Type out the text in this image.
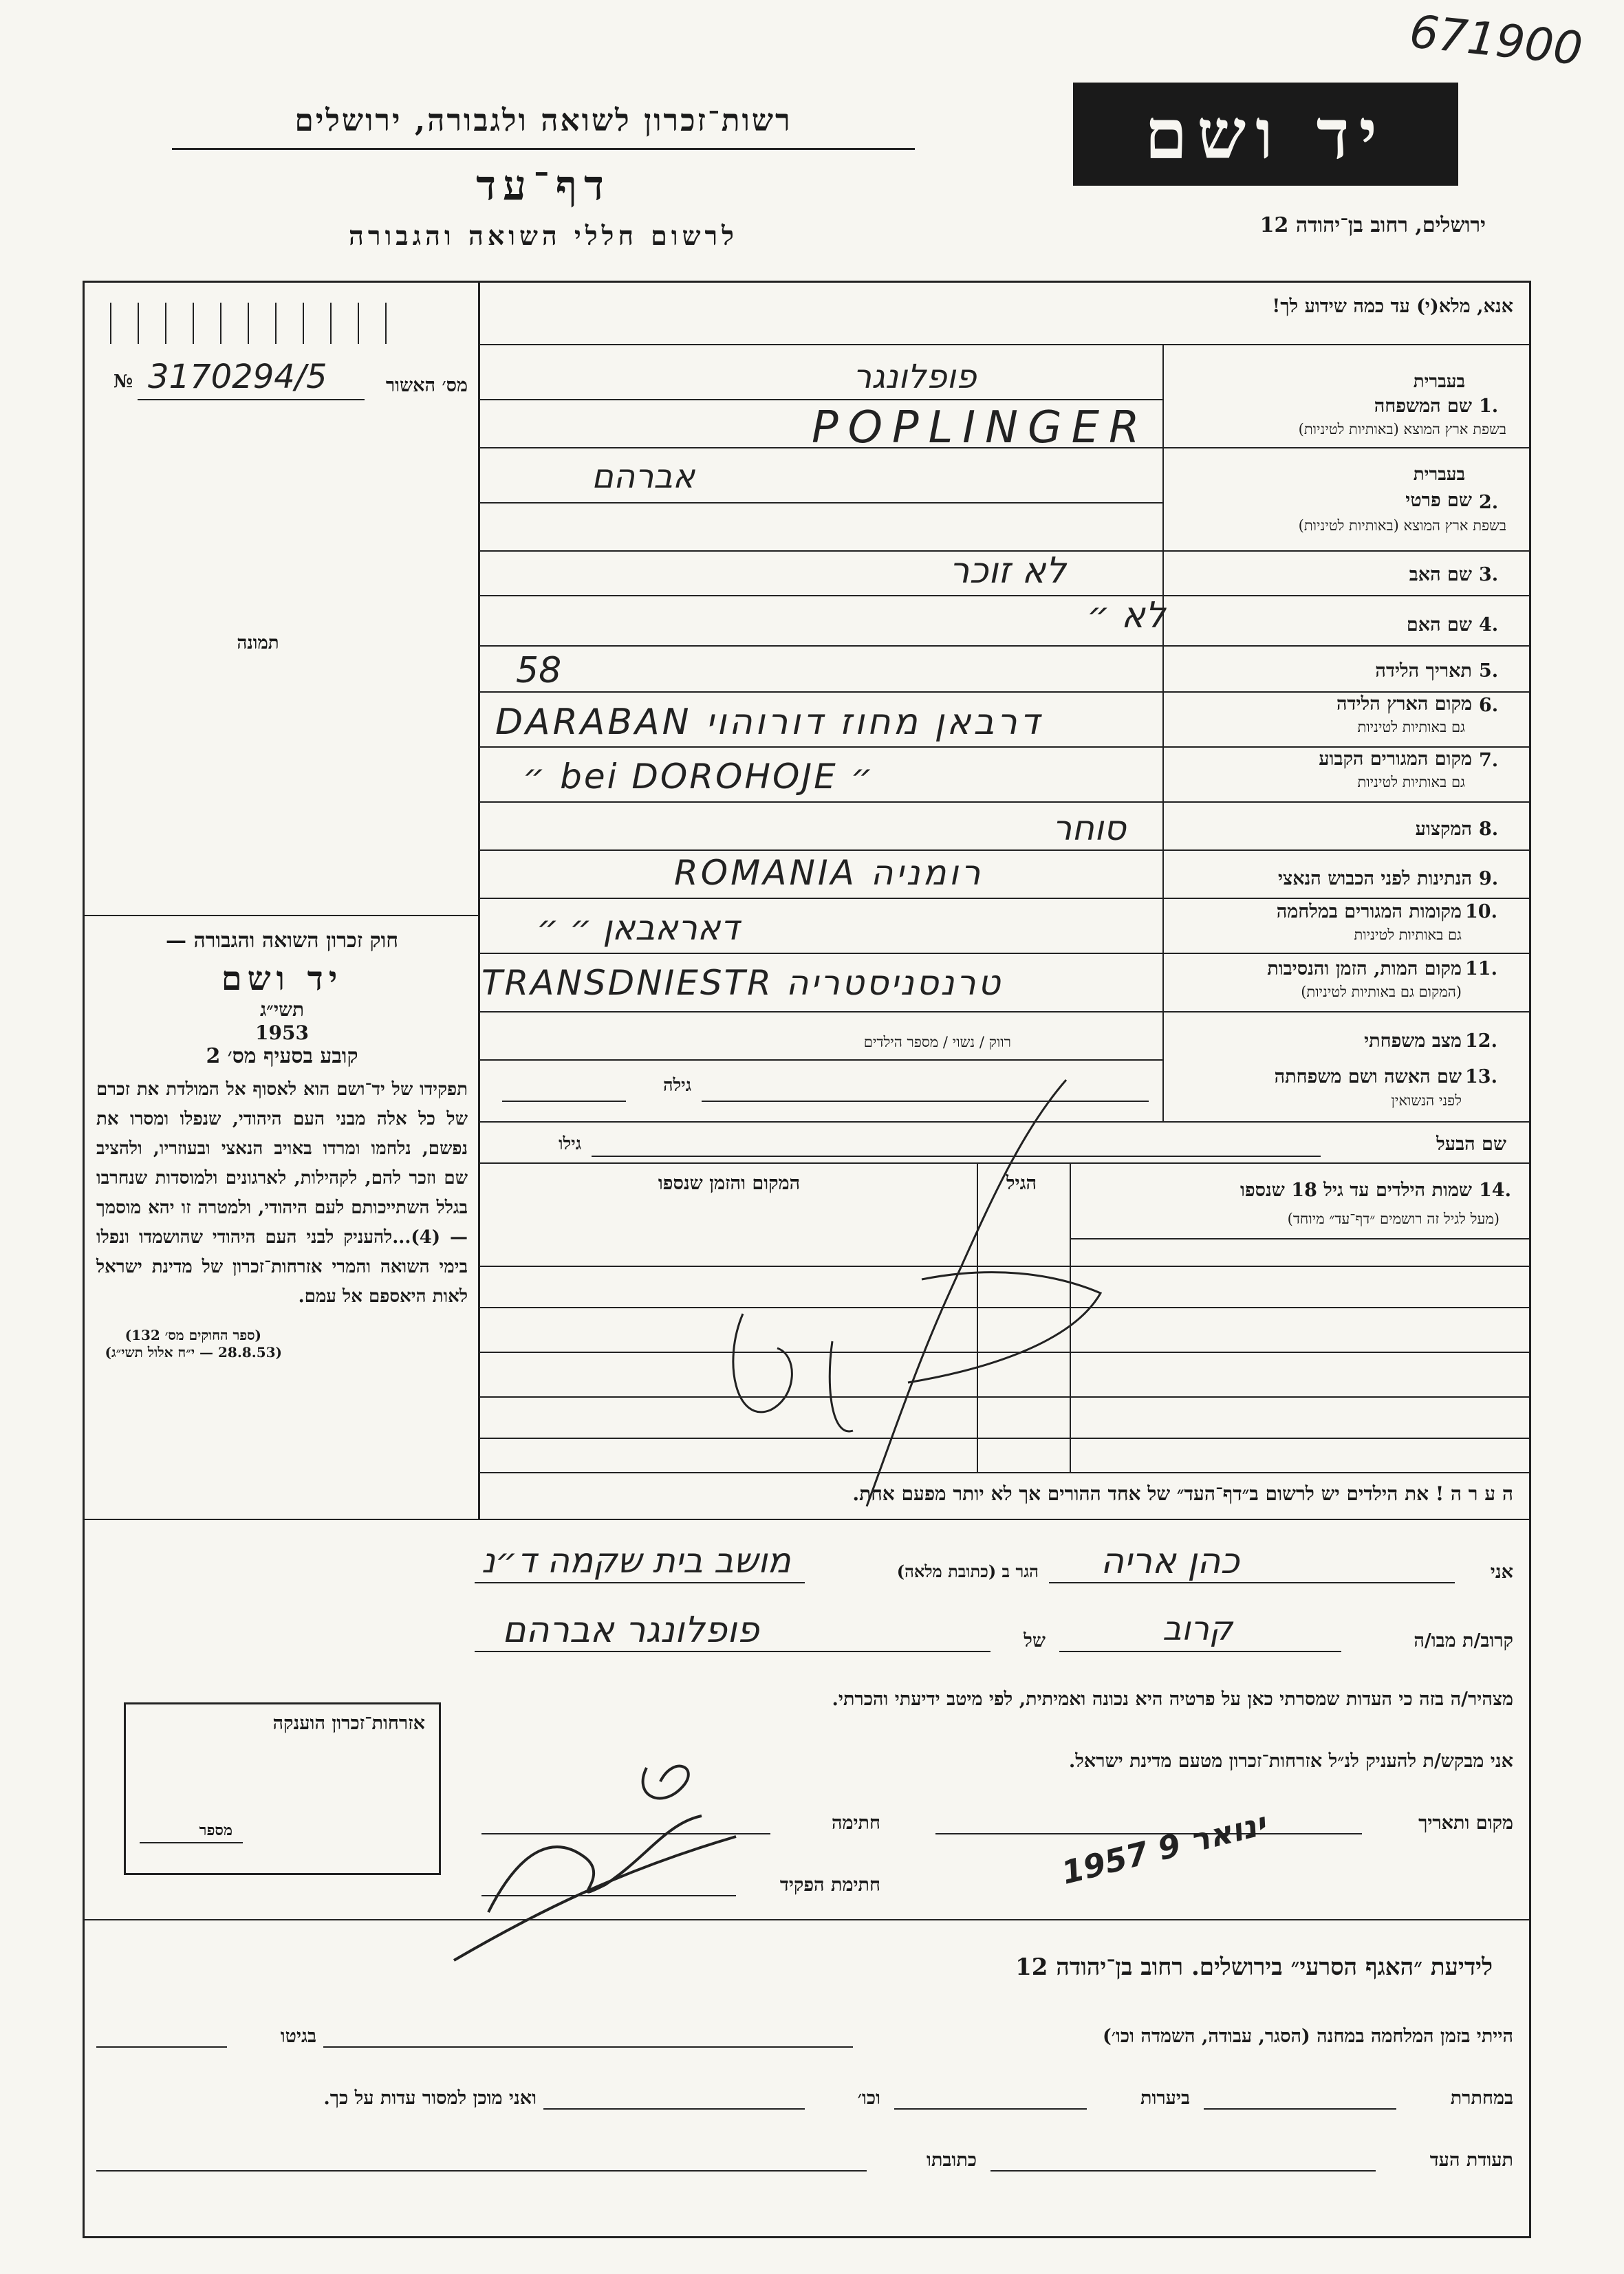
671900
רשות־זכרון לשואה ולגבורה, ירושלים
דף־עד
לרשום חללי השואה והגבורה
יד ושם
ירושלים, רחוב בן־יהודה 12
אנא, מלא(י) עד כמה שידוע לך!
№ 3170294/5	מס׳ האשור
תמונה
בעברית
1.
שם המשפחה
בשפת ארץ המוצא (באותיות לטיניות)
פופלונגר
POPLINGER
בעברית
2.
שם פרטי
בשפת ארץ המוצא (באותיות לטיניות)
אברהם
3.
שם האב
לא זוכר
4.
שם האם
לא ״
5.
תאריך הלידה
58
6.
מקום הארץ הלידה
גם באותיות לטיניות
DARABAN דרבאן מחוז דורוהוי
7.
מקום המגורים הקבוע
גם באותיות לטיניות
״ bei DOROHOJE ״
8.
המקצוע
סוחר
9.
הנתינות לפני הכבוש הנאצי
ROMANIA רומניה
10.
מקומות המגורים במלחמה
גם באותיות לטיניות
דאראבאן ״ ״
11.
מקום המות, הזמן והנסיבות
(המקום גם באותיות לטיניות)
TRANSDNIESTR טרנסניסטריה
12.
מצב משפחתי
רווק / נשוי / מספר הילדים
13.
שם האשה ושם משפחתה
לפני הנשואין
גילה
שם הבעל
גילו
14.
שמות הילדים עד גיל 18 שנספו
(מעל לגיל זה רושמים ״דף־עד״ מיוחד)
הגיל
המקום והזמן שנספו
ה ע ר ה ! את הילדים יש לרשום ב״דף־העד״ של אחד ההורים אך לא יותר מפעם אחת.
חוק זכרון השואה והגבורה —
יד ושם
תשי״ג
1953
קובע בסעיף מס׳ 2
תפקידו של יד־ושם הוא לאסוף אל המולדת את זכרם של כל אלה מבני העם היהודי, שנפלו ומסרו את נפשם, נלחמו ומרדו באויב הנאצי ובעוזריו, ולהציב שם וזכר להם, לקהילות, לארגונים ולמוסדות שנחרבו בגלל השתייכותם לעם היהודי, ולמטרה זו יהא מוסמך — (4)...להעניק לבני העם היהודי שהושמדו ונפלו בימי השואה והמרי אזרחות־זכרון של מדינת ישראל לאות היאספם אל עמם.
(ספר החוקים מס׳ 132)
(28.8.53 — י״ח אלול תשי״ג)
אני
כהן אריה
הגר ב (כתובת מלאה)
מושב בית שקמה ד״נ
קרוב/ת מבו/ה
קרוב
של
פופלונגר אברהם
מצהיר/ה בזה כי העדות שמסרתי כאן על פרטיה היא נכונה ואמיתית, לפי מיטב ידיעתי והכרתי.
אני מבקש/ת להעניק לנ״ל אזרחות־זכרון מטעם מדינת ישראל.
מקום ותאריך
חתימה
חתימת הפקיד	1957 ינואר 9
אזרחות־זכרון הוענקה
מספר
לידיעת ״האגף הסרעי״ בירושלים. רחוב בן־יהודה 12
הייתי בזמן המלחמה במחנה (הסגר, עבודה, השמדה וכו׳)
בגיטו
במחתרת
ביערות
וכו׳
ואני מוכן למסור עדות על כך.
תעודת העד
כתובתו
